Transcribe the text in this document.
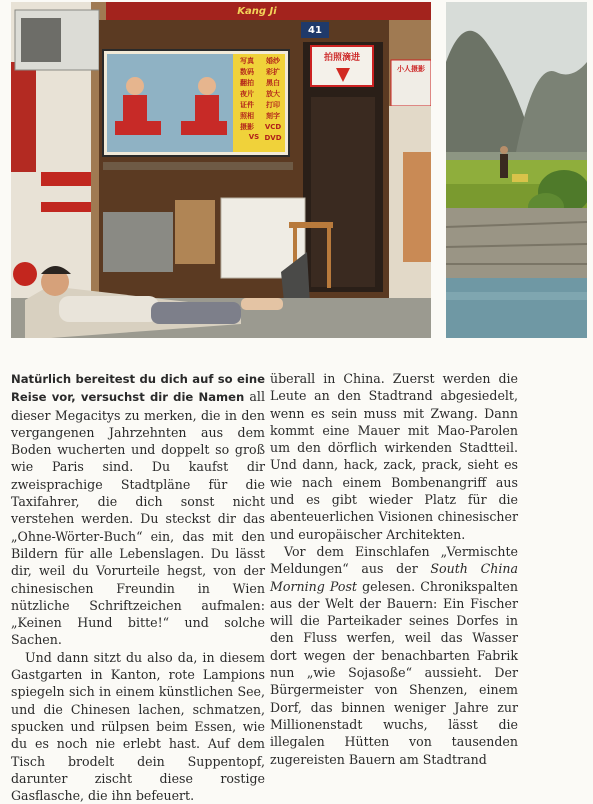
Kang Ji
41
拍照滴进
小人摄影
写真
数码
翻拍
夜片
证件
照相
摄影
婚纱
彩扩
黑白
放大
打印
刻字
VCD
DVD
VS

Natürlich bereitest du dich auf so eine Reise vor, versuchst dir die Namen all dieser Megacitys zu merken, die in den vergangenen Jahrzehnten aus dem Boden wucherten und doppelt so groß wie Paris sind. Du kaufst dir zweisprachige Stadtpläne für die Taxifahrer, die dich sonst nicht verstehen werden. Du steckst dir das „Ohne-Wörter-Buch“ ein, das mit den Bildern für alle Lebenslagen. Du lässt dir, weil du Vorurteile hegst, von der chinesischen Freundin in Wien nützliche Schriftzeichen aufmalen: „Keinen Hund bitte!“ und solche Sachen.

Und dann sitzt du also da, in diesem Gastgarten in Kanton, rote Lampions spiegeln sich in einem künstlichen See, und die Chinesen lachen, schmatzen, spucken und rülpsen beim Essen, wie du es noch nie erlebt hast. Auf dem Tisch brodelt dein Suppentopf, darunter zischt diese rostige Gasflasche, die ihn befeuert.

überall in China. Zuerst werden die Leute an den Stadtrand abgesiedelt, wenn es sein muss mit Zwang. Dann kommt eine Mauer mit Mao-Parolen um den dörflich wirkenden Stadtteil. Und dann, hack, zack, prack, sieht es wie nach einem Bombenangriff aus und es gibt wieder Platz für die abenteuerlichen Visionen chinesischer und europäischer Architekten.

Vor dem Einschlafen „Vermischte Meldungen“ aus der South China Morning Post gelesen. Chronikspalten aus der Welt der Bauern: Ein Fischer will die Parteikader seines Dorfes in den Fluss werfen, weil das Wasser dort wegen der benachbarten Fabrik nun „wie Sojasoße“ aussieht. Der Bürgermeister von Shenzen, einem Dorf, das binnen weniger Jahre zur Millionenstadt wuchs, lässt die illegalen Hütten von tausenden zugereisten Bauern am Stadtrand
